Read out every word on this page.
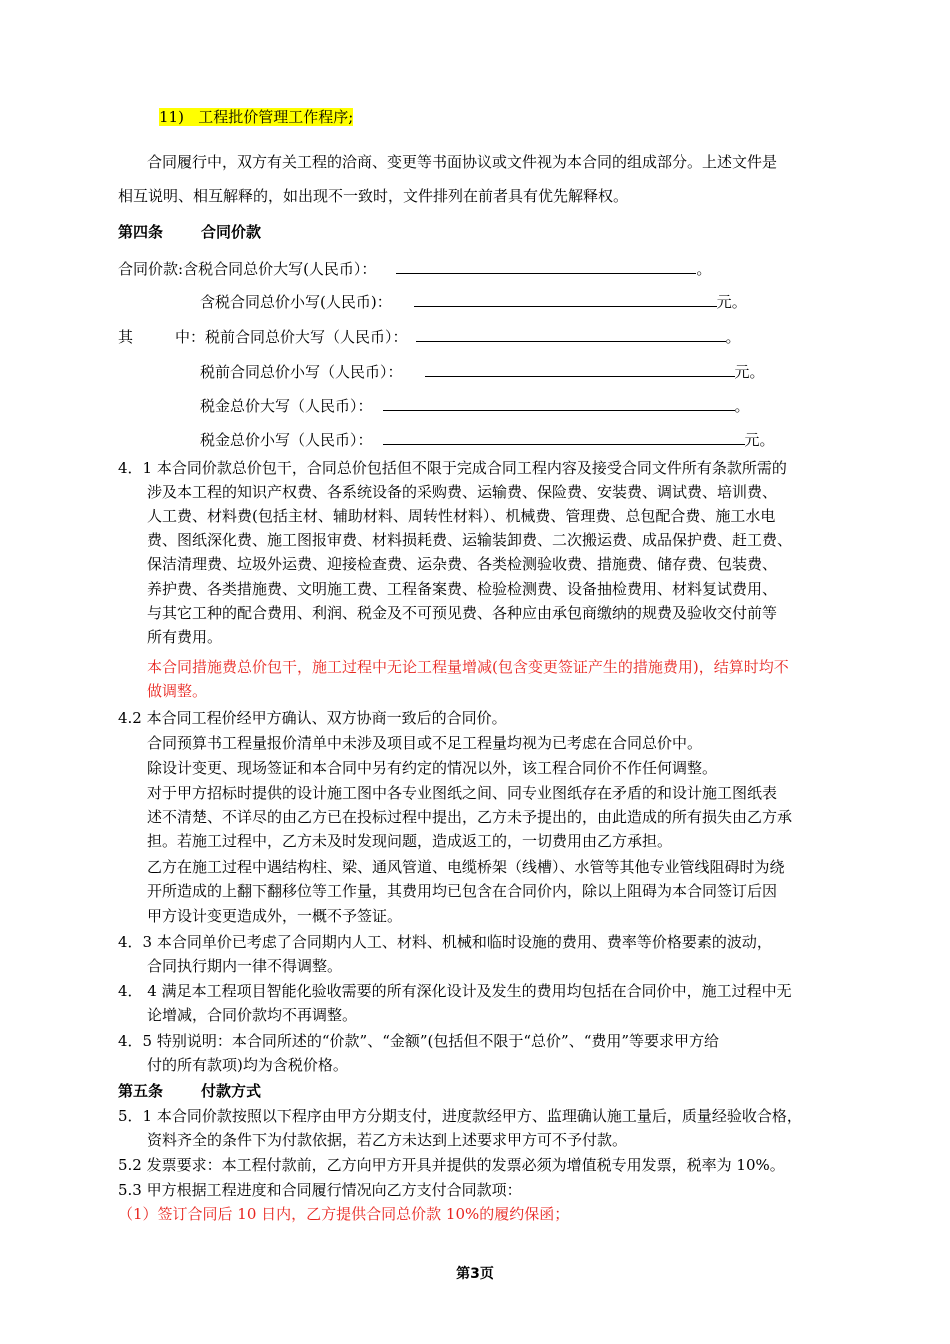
11) 工程批价管理工作程序;
合同履行中，双方有关工程的洽商、变更等书面协议或文件视为本合同的组成部分。上述文件是
相互说明、相互解释的，如出现不一致时，文件排列在前者具有优先解释权。
第四条	合同价款
合同价款:含税合同总价大写(人民币）：	。
含税合同总价小写(人民币)：	元。
其	中：税前合同总价大写（人民币）：	。
税前合同总价小写（人民币）：	元。
税金总价大写（人民币）：	。
税金总价小写（人民币）：	元。
4．1 本合同价款总价包干，合同总价包括但不限于完成合同工程内容及接受合同文件所有条款所需的
涉及本工程的知识产权费、各系统设备的采购费、运输费、保险费、安装费、调试费、培训费、
人工费、材料费(包括主材、辅助材料、周转性材料）、机械费、管理费、总包配合费、施工水电
费、图纸深化费、施工图报审费、材料损耗费、运输装卸费、二次搬运费、成品保护费、赶工费、
保洁清理费、垃圾外运费、迎接检查费、运杂费、各类检测验收费、措施费、储存费、包装费、
养护费、各类措施费、文明施工费、工程备案费、检验检测费、设备抽检费用、材料复试费用、
与其它工种的配合费用、利润、税金及不可预见费、各种应由承包商缴纳的规费及验收交付前等
所有费用。
本合同措施费总价包干，施工过程中无论工程量增减(包含变更签证产生的措施费用)，结算时均不
做调整。
4.2 本合同工程价经甲方确认、双方协商一致后的合同价。
合同预算书工程量报价清单中未涉及项目或不足工程量均视为已考虑在合同总价中。
除设计变更、现场签证和本合同中另有约定的情况以外，该工程合同价不作任何调整。
对于甲方招标时提供的设计施工图中各专业图纸之间、同专业图纸存在矛盾的和设计施工图纸表
述不清楚、不详尽的由乙方已在投标过程中提出，乙方未予提出的，由此造成的所有损失由乙方承
担。若施工过程中，乙方未及时发现问题，造成返工的，一切费用由乙方承担。
乙方在施工过程中遇结构柱、梁、通风管道、电缆桥架（线槽）、水管等其他专业管线阻碍时为绕
开所造成的上翻下翻移位等工作量，其费用均已包含在合同价内，除以上阻碍为本合同签订后因
甲方设计变更造成外，一概不予签证。
4．3 本合同单价已考虑了合同期内人工、材料、机械和临时设施的费用、费率等价格要素的波动，
合同执行期内一律不得调整。
4． 4 满足本工程项目智能化验收需要的所有深化设计及发生的费用均包括在合同价中，施工过程中无
论增减，合同价款均不再调整。
4．5 特别说明：本合同所述的“价款”、“金额”(包括但不限于“总价”、“费用”等要求甲方给
付的所有款项)均为含税价格。
第五条	付款方式
5．1 本合同价款按照以下程序由甲方分期支付，进度款经甲方、监理确认施工量后，质量经验收合格，
资料齐全的条件下为付款依据，若乙方未达到上述要求甲方可不予付款。
5.2 发票要求：本工程付款前，乙方向甲方开具并提供的发票必须为增值税专用发票，税率为 10%。
5.3 甲方根据工程进度和合同履行情况向乙方支付合同款项：
（1）签订合同后 10 日内，乙方提供合同总价款 10%的履约保函；
第3页
